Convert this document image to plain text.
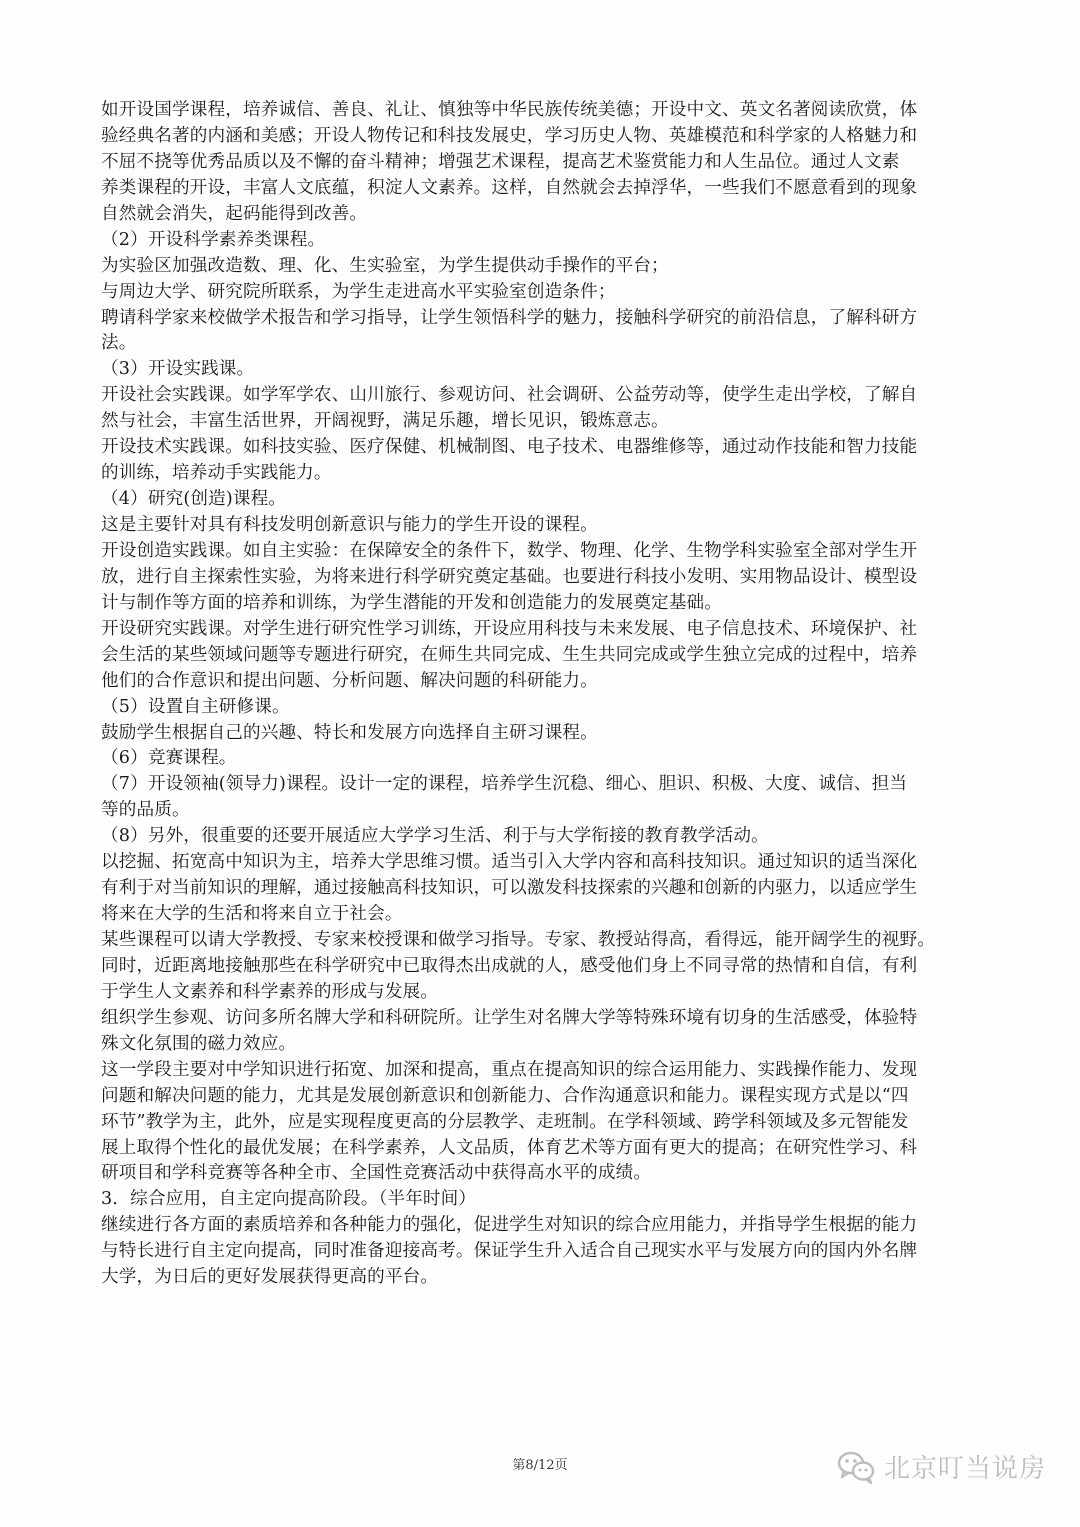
如开设国学课程，培养诚信、善良、礼让、慎独等中华民族传统美德；开设中文、英文名著阅读欣赏，体
验经典名著的内涵和美感；开设人物传记和科技发展史，学习历史人物、英雄模范和科学家的人格魅力和
不屈不挠等优秀品质以及不懈的奋斗精神；增强艺术课程，提高艺术鉴赏能力和人生品位。通过人文素
养类课程的开设，丰富人文底蕴，积淀人文素养。这样，自然就会去掉浮华，一些我们不愿意看到的现象
自然就会消失，起码能得到改善。
（2）开设科学素养类课程。
为实验区加强改造数、理、化、生实验室，为学生提供动手操作的平台；
与周边大学、研究院所联系，为学生走进高水平实验室创造条件；
聘请科学家来校做学术报告和学习指导，让学生领悟科学的魅力，接触科学研究的前沿信息，了解科研方
法。
（3）开设实践课。
开设社会实践课。如学军学农、山川旅行、参观访问、社会调研、公益劳动等，使学生走出学校，了解自
然与社会，丰富生活世界，开阔视野，满足乐趣，增长见识，锻炼意志。
开设技术实践课。如科技实验、医疗保健、机械制图、电子技术、电器维修等，通过动作技能和智力技能
的训练，培养动手实践能力。
（4）研究(创造)课程。
这是主要针对具有科技发明创新意识与能力的学生开设的课程。
开设创造实践课。如自主实验：在保障安全的条件下，数学、物理、化学、生物学科实验室全部对学生开
放，进行自主探索性实验，为将来进行科学研究奠定基础。也要进行科技小发明、实用物品设计、模型设
计与制作等方面的培养和训练，为学生潜能的开发和创造能力的发展奠定基础。
开设研究实践课。对学生进行研究性学习训练，开设应用科技与未来发展、电子信息技术、环境保护、社
会生活的某些领域问题等专题进行研究，在师生共同完成、生生共同完成或学生独立完成的过程中，培养
他们的合作意识和提出问题、分析问题、解决问题的科研能力。
（5）设置自主研修课。
鼓励学生根据自己的兴趣、特长和发展方向选择自主研习课程。
（6）竞赛课程。
（7）开设领袖(领导力)课程。设计一定的课程，培养学生沉稳、细心、胆识、积极、大度、诚信、担当
等的品质。
（8）另外，很重要的还要开展适应大学学习生活、利于与大学衔接的教育教学活动。
以挖掘、拓宽高中知识为主，培养大学思维习惯。适当引入大学内容和高科技知识。通过知识的适当深化
有利于对当前知识的理解，通过接触高科技知识，可以激发科技探索的兴趣和创新的内驱力，以适应学生
将来在大学的生活和将来自立于社会。
某些课程可以请大学教授、专家来校授课和做学习指导。专家、教授站得高，看得远，能开阔学生的视野。
同时，近距离地接触那些在科学研究中已取得杰出成就的人，感受他们身上不同寻常的热情和自信，有利
于学生人文素养和科学素养的形成与发展。
组织学生参观、访问多所名牌大学和科研院所。让学生对名牌大学等特殊环境有切身的生活感受，体验特
殊文化氛围的磁力效应。
这一学段主要对中学知识进行拓宽、加深和提高，重点在提高知识的综合运用能力、实践操作能力、发现
问题和解决问题的能力，尤其是发展创新意识和创新能力、合作沟通意识和能力。课程实现方式是以“四
环节”教学为主，此外，应是实现程度更高的分层教学、走班制。在学科领域、跨学科领域及多元智能发
展上取得个性化的最优发展；在科学素养，人文品质，体育艺术等方面有更大的提高；在研究性学习、科
研项目和学科竞赛等各种全市、全国性竞赛活动中获得高水平的成绩。
3．综合应用，自主定向提高阶段。（半年时间）
继续进行各方面的素质培养和各种能力的强化，促进学生对知识的综合应用能力，并指导学生根据的能力
与特长进行自主定向提高，同时准备迎接高考。保证学生升入适合自己现实水平与发展方向的国内外名牌
大学，为日后的更好发展获得更高的平台。
第8/12页	北京叮当说房
